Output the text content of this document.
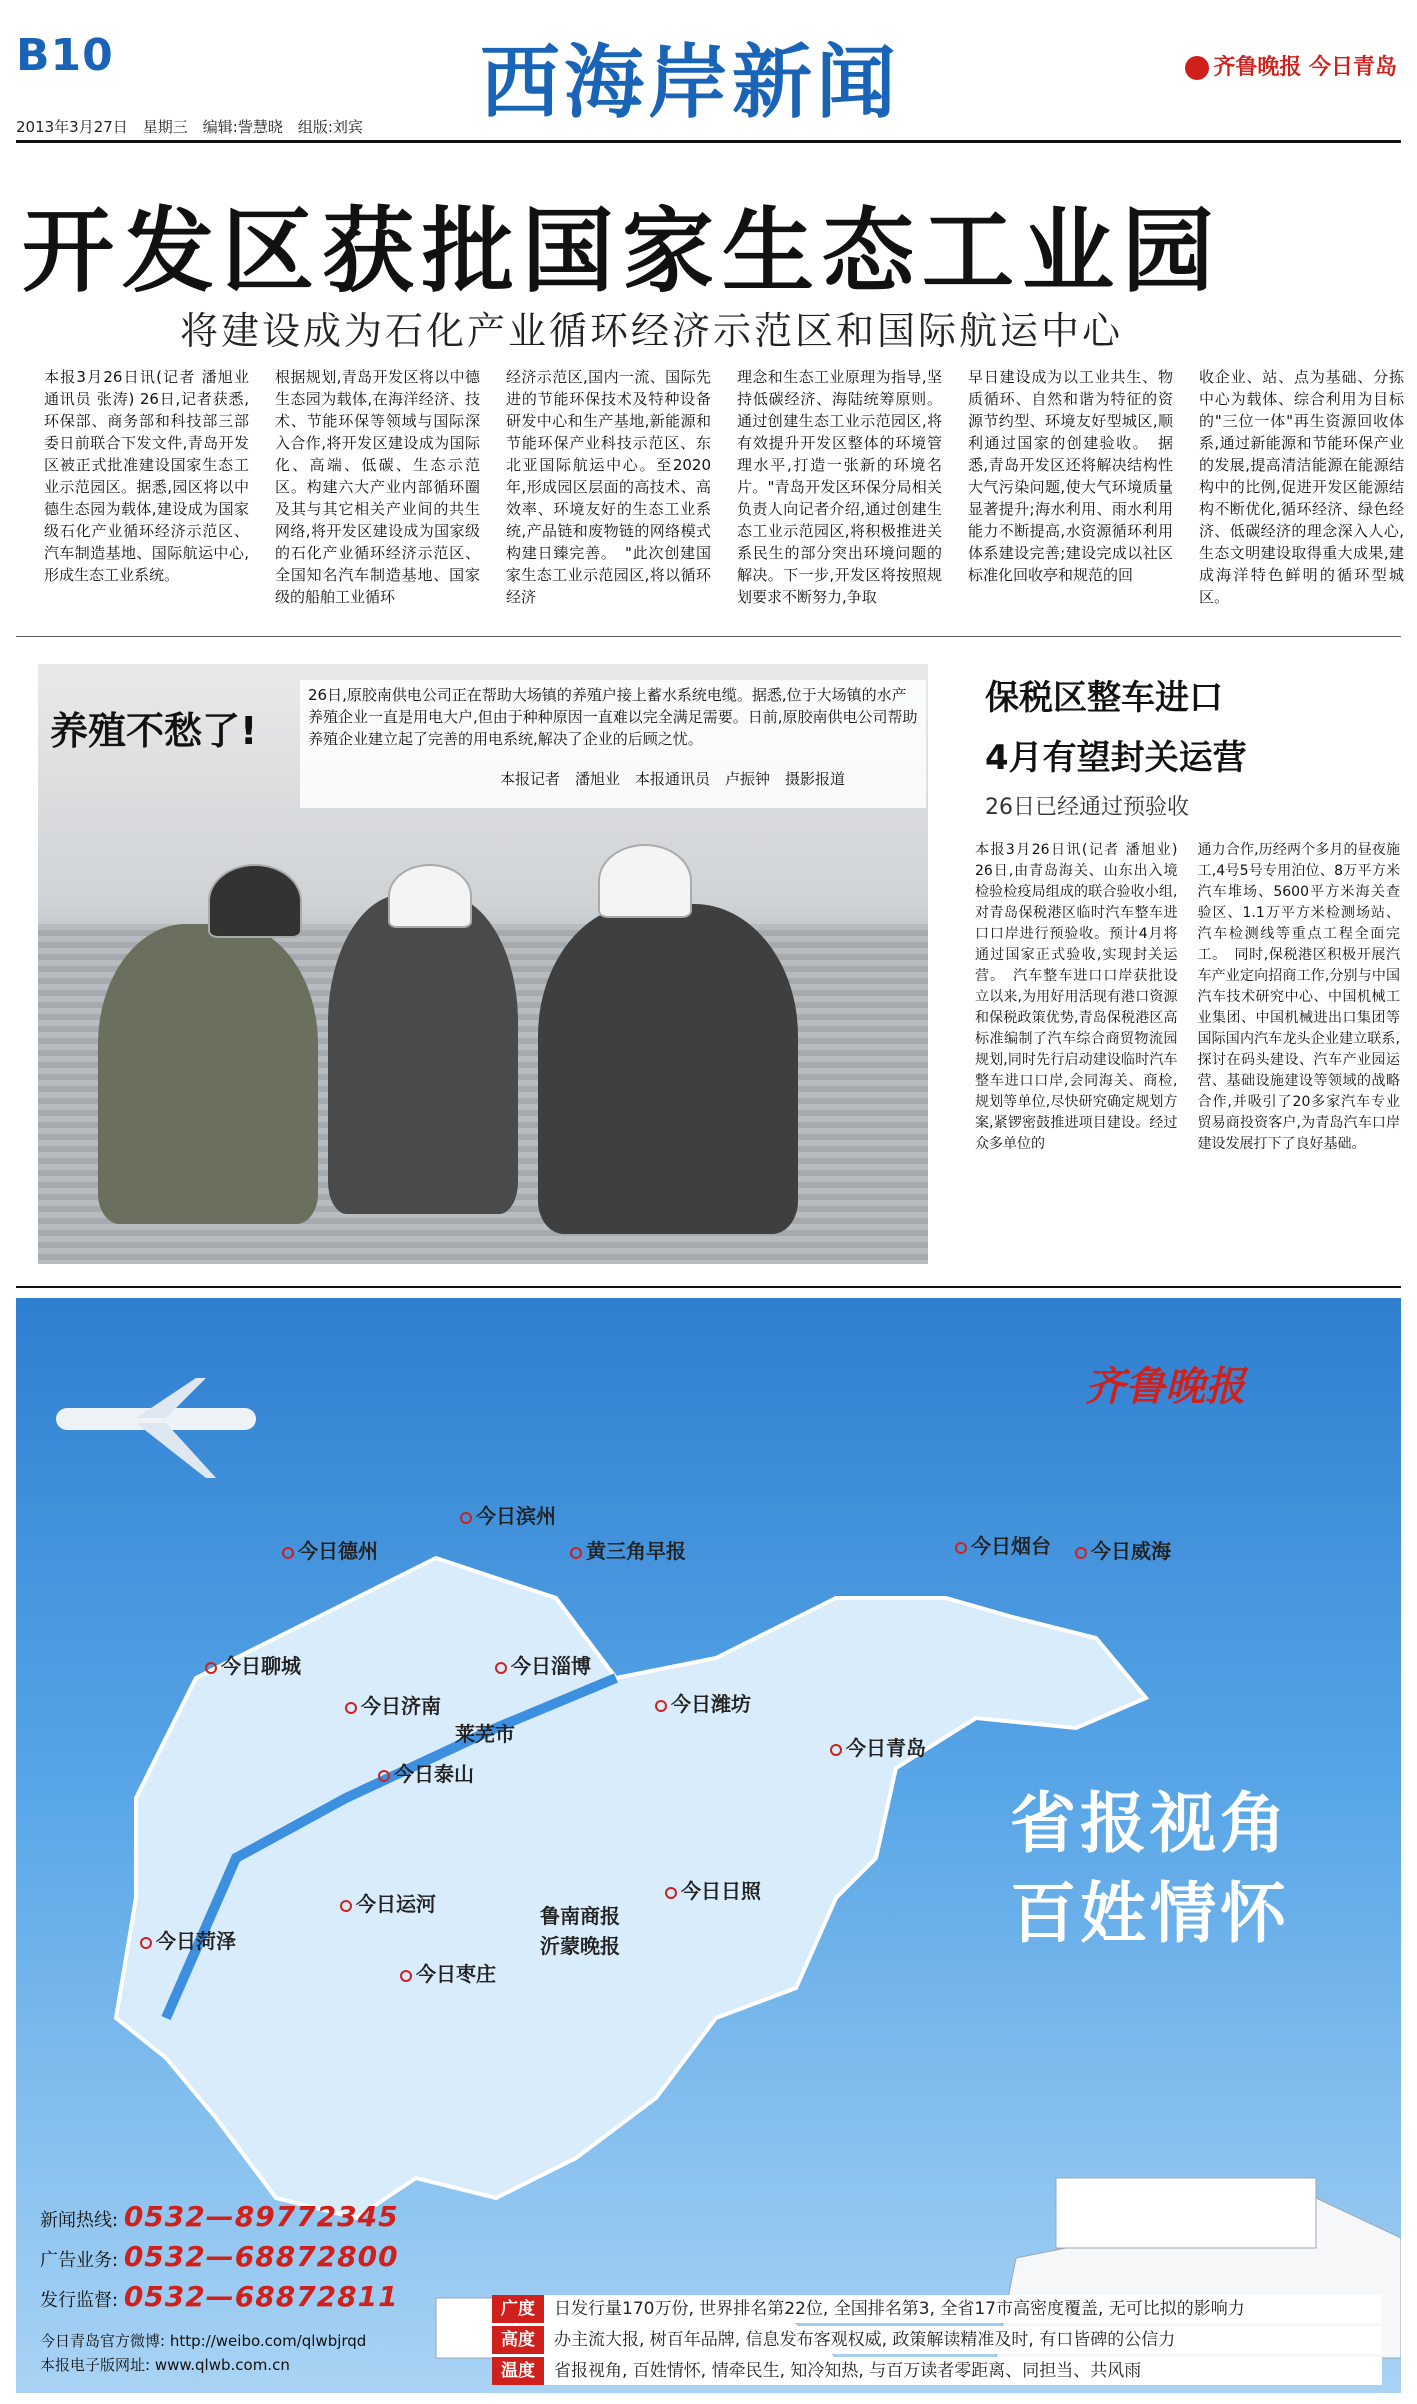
B10	西海岸新闻	齐鲁晚报 今日青岛
2013年3月27日　星期三　编辑:訾慧晓　组版:刘宾
开发区获批国家生态工业园
将建设成为石化产业循环经济示范区和国际航运中心
本报3月26日讯(记者 潘旭业 通讯员 张涛) 26日,记者获悉,环保部、商务部和科技部三部委日前联合下发文件,青岛开发区被正式批准建设国家生态工业示范园区。据悉,园区将以中德生态园为载体,建设成为国家级石化产业循环经济示范区、汽车制造基地、国际航运中心,形成生态工业系统。
根据规划,青岛开发区将以中德生态园为载体,在海洋经济、技术、节能环保等领域与国际深入合作,将开发区建设成为国际化、高端、低碳、生态示范区。构建六大产业内部循环圈及其与其它相关产业间的共生网络,将开发区建设成为国家级的石化产业循环经济示范区、全国知名汽车制造基地、国家级的船舶工业循环
经济示范区,国内一流、国际先进的节能环保技术及特种设备研发中心和生产基地,新能源和节能环保产业科技示范区、东北亚国际航运中心。至2020年,形成园区层面的高技术、高效率、环境友好的生态工业系统,产品链和废物链的网络模式构建日臻完善。　"此次创建国家生态工业示范园区,将以循环经济
理念和生态工业原理为指导,坚持低碳经济、海陆统筹原则。通过创建生态工业示范园区,将有效提升开发区整体的环境管理水平,打造一张新的环境名片。"青岛开发区环保分局相关负责人向记者介绍,通过创建生态工业示范园区,将积极推进关系民生的部分突出环境问题的解决。下一步,开发区将按照规划要求不断努力,争取
早日建设成为以工业共生、物质循环、自然和谐为特征的资源节约型、环境友好型城区,顺利通过国家的创建验收。　据悉,青岛开发区还将解决结构性大气污染问题,使大气环境质量显著提升;海水利用、雨水利用能力不断提高,水资源循环利用体系建设完善;建设完成以社区标准化回收亭和规范的回
收企业、站、点为基础、分拣中心为载体、综合利用为目标的"三位一体"再生资源回收体系,通过新能源和节能环保产业的发展,提高清洁能源在能源结构中的比例,促进开发区能源结构不断优化,循环经济、绿色经济、低碳经济的理念深入人心,生态文明建设取得重大成果,建成海洋特色鲜明的循环型城区。
26日,原胶南供电公司正在帮助大场镇的养殖户接上蓄水系统电缆。据悉,位于大场镇的水产养殖企业一直是用电大户,但由于种种原因一直难以完全满足需要。日前,原胶南供电公司帮助养殖企业建立起了完善的用电系统,解决了企业的后顾之忧。
养殖不愁了!
本报记者　潘旭业　本报通讯员　卢振钟　摄影报道
保税区整车进口
4月有望封关运营
26日已经通过预验收
本报3月26日讯(记者 潘旭业) 26日,由青岛海关、山东出入境检验检疫局组成的联合验收小组,对青岛保税港区临时汽车整车进口口岸进行预验收。预计4月将通过国家正式验收,实现封关运营。　汽车整车进口口岸获批设立以来,为用好用活现有港口资源和保税政策优势,青岛保税港区高标准编制了汽车综合商贸物流园规划,同时先行启动建设临时汽车整车进口口岸,会同海关、商检,规划等单位,尽快研究确定规划方案,紧锣密鼓推进项目建设。经过众多单位的
通力合作,历经两个多月的昼夜施工,4号5号专用泊位、8万平方米汽车堆场、5600平方米海关查验区、1.1万平方米检测场站、汽车检测线等重点工程全面完工。　同时,保税港区积极开展汽车产业定向招商工作,分别与中国汽车技术研究中心、中国机械工业集团、中国机械进出口集团等国际国内汽车龙头企业建立联系,探讨在码头建设、汽车产业园运营、基础设施建设等领域的战略合作,并吸引了20多家汽车专业贸易商投资客户,为青岛汽车口岸建设发展打下了良好基础。
齐鲁晚报
省报视角
百姓情怀
今日德州
今日滨州
黄三角早报	今日烟台	今日威海
今日聊城
今日济南
今日淄博
莱芜市
今日潍坊
今日泰山
今日青岛
今日菏泽
今日运河	鲁南商报
沂蒙晚报
今日日照
今日枣庄
新闻热线: 0532—89772345
广告业务: 0532—68872800
发行监督: 0532—68872811
今日青岛官方微博: http://weibo.com/qlwbjrqd
本报电子版网址: www.qlwb.com.cn
广度 日发行量170万份, 世界排名第22位, 全国排名第3, 全省17市高密度覆盖, 无可比拟的影响力
高度 办主流大报, 树百年品牌, 信息发布客观权威, 政策解读精准及时, 有口皆碑的公信力
温度 省报视角, 百姓情怀, 情牵民生, 知冷知热, 与百万读者零距离、同担当、共风雨
